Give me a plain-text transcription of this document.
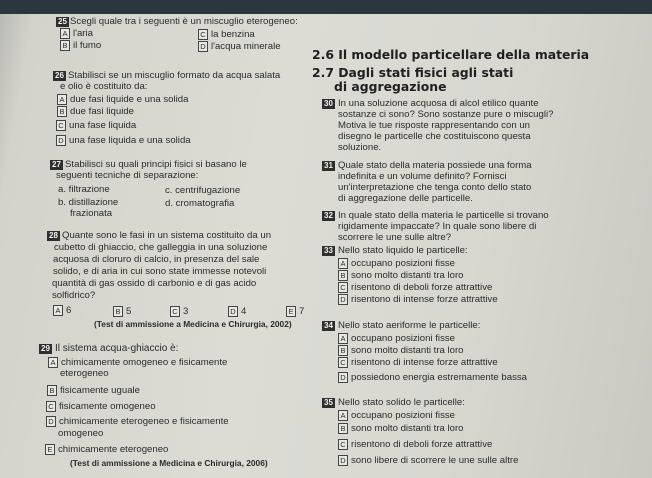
25 Scegli quale tra i seguenti è un miscuglio eterogeneo:
A l'aria
B il fumo
C la benzina
D l'acqua minerale
26 Stabilisci se un miscuglio formato da acqua salata
e olio è costituito da:
A due fasi liquide e una solida
B due fasi liquide
C una fase liquida
D una fase liquida e una solida
27 Stabilisci su quali principi fisici si basano le
seguenti tecniche di separazione:
a. filtrazione
b. distillazione
frazionata
c. centrifugazione
d. cromatografia
28 Quante sono le fasi in un sistema costituito da un
cubetto di ghiaccio, che galleggia in una soluzione
acquosa di cloruro di calcio, in presenza del sale
solido, e di aria in cui sono state immesse notevoli
quantità di gas ossido di carbonio e di gas acido
solfidrico?
A 6	B 5	C 3	D 4	E 7
(Test di ammissione a Medicina e Chirurgia, 2002)
29 Il sistema acqua-ghiaccio è:
A chimicamente omogeneo e fisicamente
eterogeneo
B fisicamente uguale
C fisicamente omogeneo
D chimicamente eterogeneo e fisicamente
omogeneo
E chimicamente eterogeneo
(Test di ammissione a Medicina e Chirurgia, 2006)
2.6 Il modello particellare della materia
2.7 Dagli stati fisici agli stati
di aggregazione
30 In una soluzione acquosa di alcol etilico quante
sostanze ci sono? Sono sostanze pure o miscugli?
Motiva le tue risposte rappresentando con un
disegno le particelle che costituiscono questa
soluzione.
31 Quale stato della materia possiede una forma
indefinita e un volume definito? Fornisci
un'interpretazione che tenga conto dello stato
di aggregazione delle particelle.
32 In quale stato della materia le particelle si trovano
rigidamente impaccate? In quale sono libere di
scorrere le une sulle altre?
33 Nello stato liquido le particelle:
A occupano posizioni fisse
B sono molto distanti tra loro
C risentono di deboli forze attrattive
D risentono di intense forze attrattive
34 Nello stato aeriforme le particelle:
A occupano posizioni fisse
B sono molto distanti tra loro
C risentono di intense forze attrattive
D possiedono energia estremamente bassa
35 Nello stato solido le particelle:
A occupano posizioni fisse
B sono molto distanti tra loro
C risentono di deboli forze attrattive
D sono libere di scorrere le une sulle altre
